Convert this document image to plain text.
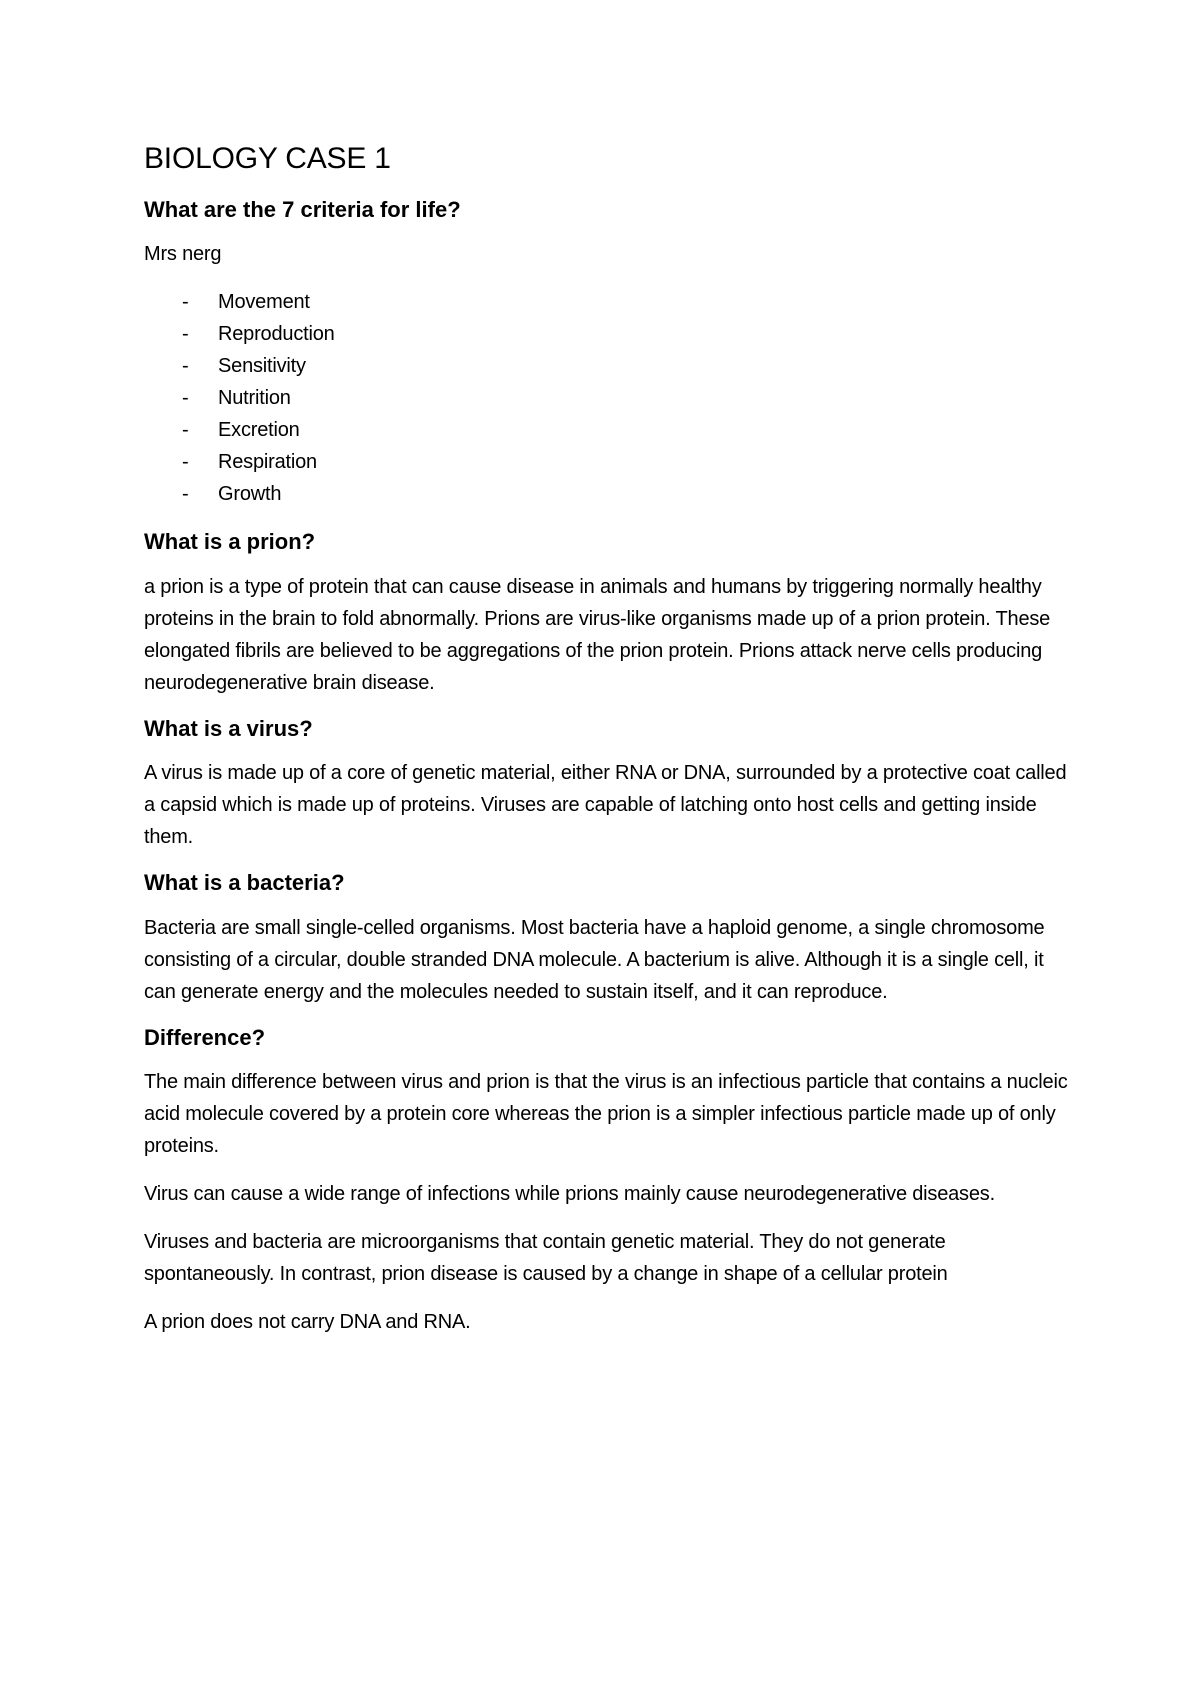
BIOLOGY CASE 1
What are the 7 criteria for life?

Mrs nerg

-	Movement
-	Reproduction
-	Sensitivity
-	Nutrition
-	Excretion
-	Respiration
-	Growth
What is a prion?

a prion is a type of protein that can cause disease in animals and humans by triggering normally healthy proteins in the brain to fold abnormally. Prions are virus-like organisms made up of a prion protein. These elongated fibrils are believed to be aggregations of the prion protein. Prions attack nerve cells producing neurodegenerative brain disease.

What is a virus?

A virus is made up of a core of genetic material, either RNA or DNA, surrounded by a protective coat called a capsid which is made up of proteins. Viruses are capable of latching onto host cells and getting inside them.

What is a bacteria?

Bacteria are small single-celled organisms. Most bacteria have a haploid genome, a single chromosome consisting of a circular, double stranded DNA molecule. A bacterium is alive. Although it is a single cell, it can generate energy and the molecules needed to sustain itself, and it can reproduce.

Difference?

The main difference between virus and prion is that the virus is an infectious particle that contains a nucleic acid molecule covered by a protein core whereas the prion is a simpler infectious particle made up of only proteins.

Virus can cause a wide range of infections while prions mainly cause neurodegenerative diseases.

Viruses and bacteria are microorganisms that contain genetic material. They do not generate spontaneously. In contrast, prion disease is caused by a change in shape of a cellular protein

A prion does not carry DNA and RNA.
